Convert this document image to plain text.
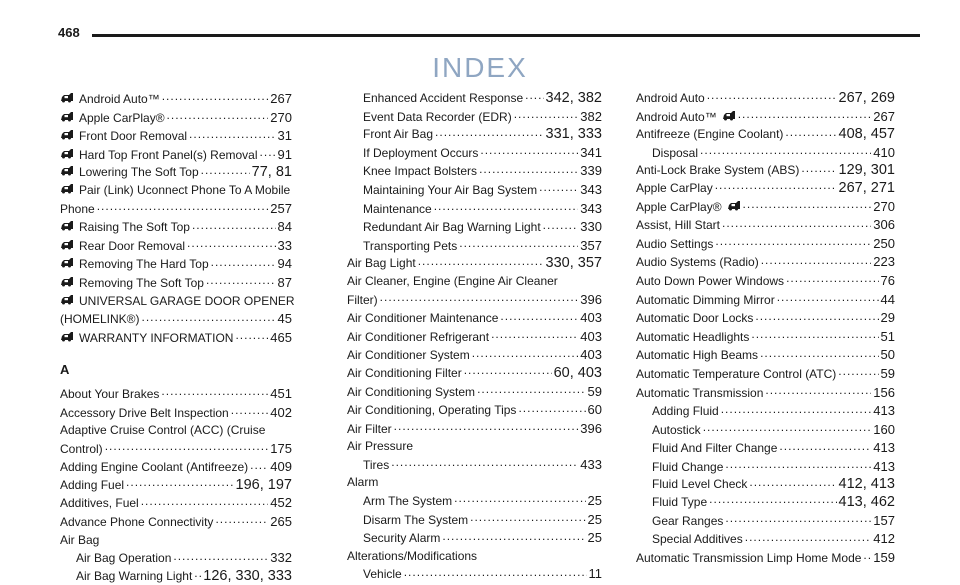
468
INDEX
Android Auto™ .....	267
Apple CarPlay® .....	270
Front Door Removal .....	31
Hard Top Front Panel(s) Removal ..... 91
Lowering The Soft Top .....	77, 81
Pair (Link) Uconnect Phone To A Mobile
Phone .....	257
Raising The Soft Top .....	84
Rear Door Removal .....	33
Removing The Hard Top .....	94
Removing The Soft Top .....	87
UNIVERSAL GARAGE DOOR OPENER
(HOMELINK®) .....	45
WARRANTY INFORMATION .....	465
A
About Your Brakes .....	451
Accessory Drive Belt Inspection .....	402
Adaptive Cruise Control (ACC) (Cruise
Control) .....	175
Adding Engine Coolant (Antifreeze) ..... 409
Adding Fuel .....	196, 197
Additives, Fuel .....	452
Advance Phone Connectivity .....	265
Air Bag
Air Bag Operation .....	332
Air Bag Warning Light ..... 126, 330, 333
Enhanced Accident Response ..... 342, 382
Event Data Recorder (EDR) .....	382
Front Air Bag .....	331, 333
If Deployment Occurs .....	341
Knee Impact Bolsters .....	339
Maintaining Your Air Bag System .....	343
Maintenance .....	343
Redundant Air Bag Warning Light .....	330
Transporting Pets .....	357
Air Bag Light .....	330, 357
Air Cleaner, Engine (Engine Air Cleaner
Filter) .....	396
Air Conditioner Maintenance .....	403
Air Conditioner Refrigerant .....	403
Air Conditioner System .....	403
Air Conditioning Filter .....	60, 403
Air Conditioning System .....	59
Air Conditioning, Operating Tips .....	60
Air Filter .....	396
Air Pressure
Tires .....	433
Alarm
Arm The System .....	25
Disarm The System .....	25
Security Alarm .....	25
Alterations/Modifications
Vehicle .....	11
Android Auto .....	267, 269
Android Auto™ .....	267
Antifreeze (Engine Coolant) .....	408, 457
Disposal .....	410
Anti-Lock Brake System (ABS) .....	129, 301
Apple CarPlay .....	267, 271
Apple CarPlay® .....	270
Assist, Hill Start .....	306
Audio Settings .....	250
Audio Systems (Radio) .....	223
Auto Down Power Windows .....	76
Automatic Dimming Mirror .....	44
Automatic Door Locks .....	29
Automatic Headlights .....	51
Automatic High Beams .....	50
Automatic Temperature Control (ATC) .....	59
Automatic Transmission .....	156
Adding Fluid .....	413
Autostick .....	160
Fluid And Filter Change .....	413
Fluid Change .....	413
Fluid Level Check .....	412, 413
Fluid Type .....	413, 462
Gear Ranges .....	157
Special Additives .....	412
Automatic Transmission Limp Home Mode ..... 159
